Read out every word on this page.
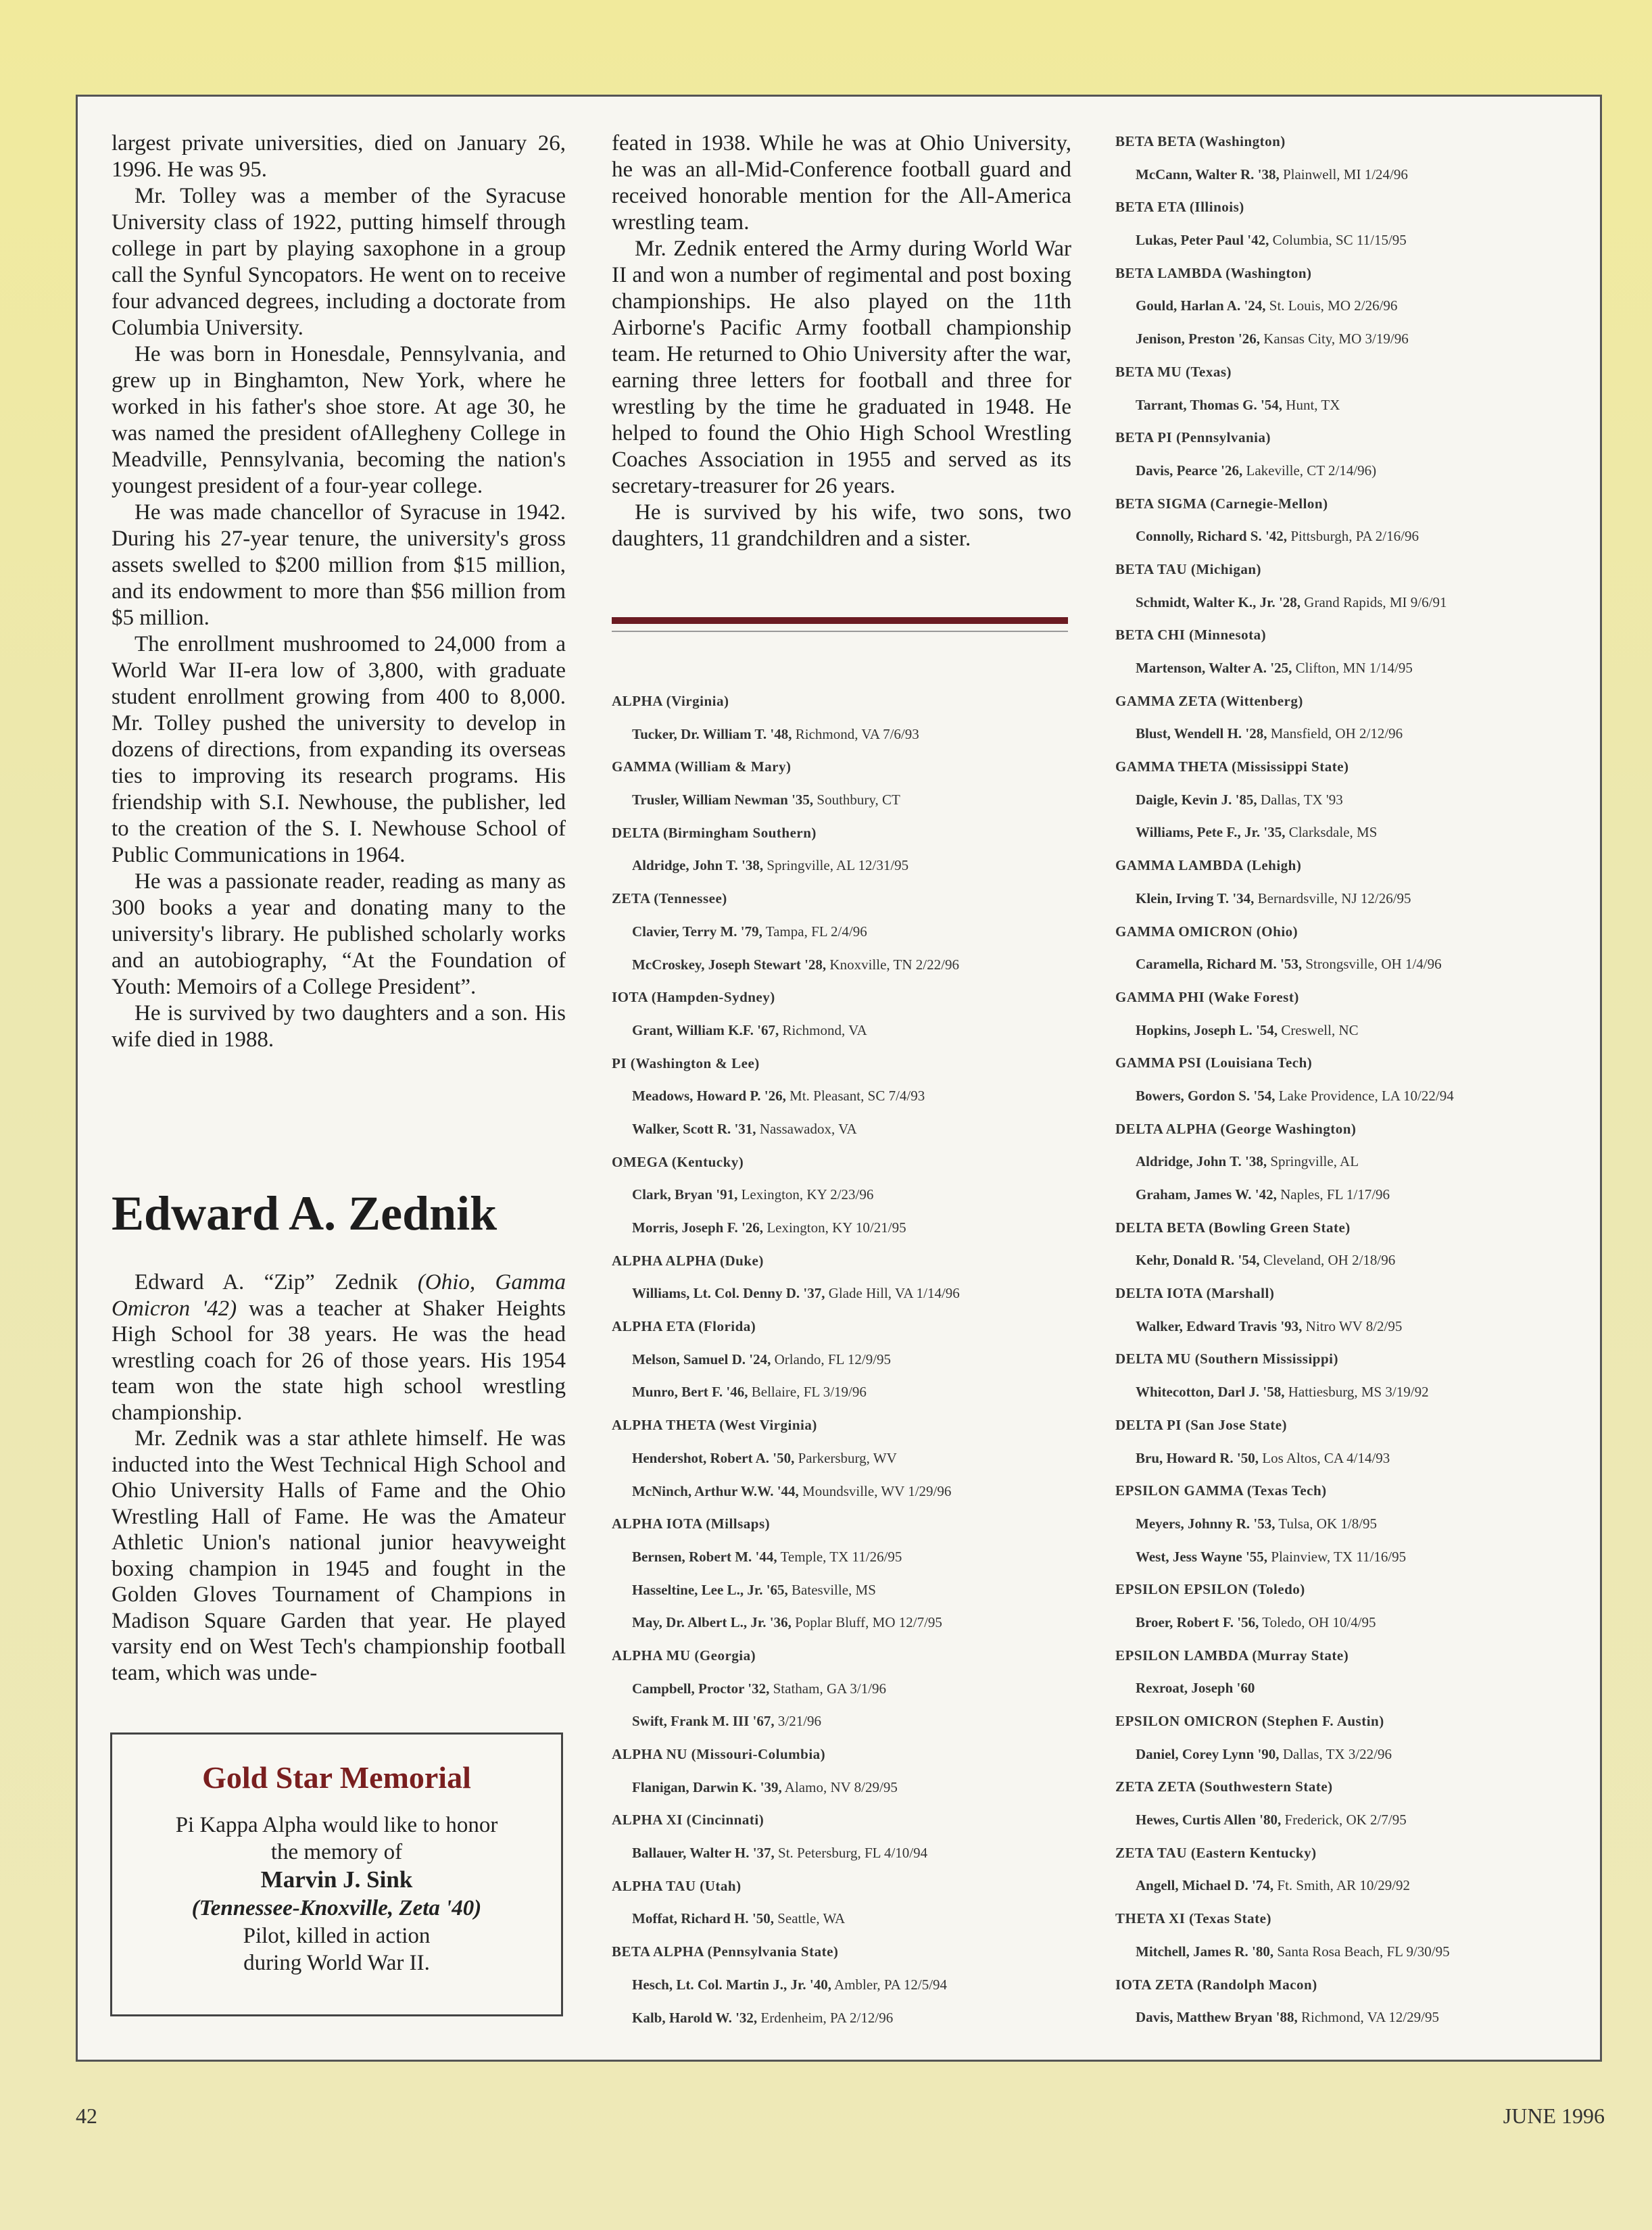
largest private universities, died on January 26, 1996. He was 95.

Mr. Tolley was a member of the Syracuse University class of 1922, putting himself through college in part by playing saxophone in a group call the Synful Syncopators. He went on to receive four advanced degrees, including a doctorate from Columbia University.

He was born in Honesdale, Pennsylvania, and grew up in Binghamton, New York, where he worked in his father's shoe store. At age 30, he was named the president ofAllegheny College in Meadville, Pennsylvania, becoming the nation's youngest president of a four-year college.

He was made chancellor of Syracuse in 1942. During his 27-year tenure, the university's gross assets swelled to $200 million from $15 million, and its endowment to more than $56 million from $5 million.

The enrollment mushroomed to 24,000 from a World War II-era low of 3,800, with graduate student enrollment growing from 400 to 8,000. Mr. Tolley pushed the university to develop in dozens of directions, from expanding its overseas ties to improving its research programs. His friendship with S.I. Newhouse, the publisher, led to the creation of the S. I. Newhouse School of Public Communications in 1964.

He was a passionate reader, reading as many as 300 books a year and donating many to the university's library. He published scholarly works and an autobiography, “At the Foundation of Youth: Memoirs of a College President”.

He is survived by two daughters and a son. His wife died in 1988.

Edward A. Zednik

Edward A. “Zip” Zednik (Ohio, Gamma Omicron '42) was a teacher at Shaker Heights High School for 38 years. He was the head wrestling coach for 26 of those years. His 1954 team won the state high school wrestling championship.

Mr. Zednik was a star athlete himself. He was inducted into the West Technical High School and Ohio University Halls of Fame and the Ohio Wrestling Hall of Fame. He was the Amateur Athletic Union's national junior heavyweight boxing champion in 1945 and fought in the Golden Gloves Tournament of Champions in Madison Square Garden that year. He played varsity end on West Tech's championship football team, which was unde-

Gold Star Memorial
Pi Kappa Alpha would like to honor
the memory of
Marvin J. Sink
(Tennessee-Knoxville, Zeta '40)
Pilot, killed in action
during World War II.

feated in 1938. While he was at Ohio University, he was an all-Mid-Conference football guard and received honorable mention for the All-America wrestling team.

Mr. Zednik entered the Army during World War II and won a number of regimental and post boxing championships. He also played on the 11th Airborne's Pacific Army football championship team. He returned to Ohio University after the war, earning three letters for football and three for wrestling by the time he graduated in 1948. He helped to found the Ohio High School Wrestling Coaches Association in 1955 and served as its secretary-treasurer for 26 years.

He is survived by his wife, two sons, two daughters, 11 grandchildren and a sister.

ALPHA (Virginia)
Tucker, Dr. William T. '48, Richmond, VA 7/6/93
GAMMA (William & Mary)
Trusler, William Newman '35, Southbury, CT
DELTA (Birmingham Southern)
Aldridge, John T. '38, Springville, AL 12/31/95
ZETA (Tennessee)
Clavier, Terry M. '79, Tampa, FL 2/4/96
McCroskey, Joseph Stewart '28, Knoxville, TN 2/22/96
IOTA (Hampden-Sydney)
Grant, William K.F. '67, Richmond, VA
PI (Washington & Lee)
Meadows, Howard P. '26, Mt. Pleasant, SC 7/4/93
Walker, Scott R. '31, Nassawadox, VA
OMEGA (Kentucky)
Clark, Bryan '91, Lexington, KY 2/23/96
Morris, Joseph F. '26, Lexington, KY 10/21/95
ALPHA ALPHA (Duke)
Williams, Lt. Col. Denny D. '37, Glade Hill, VA 1/14/96
ALPHA ETA (Florida)
Melson, Samuel D. '24, Orlando, FL 12/9/95
Munro, Bert F. '46, Bellaire, FL 3/19/96
ALPHA THETA (West Virginia)
Hendershot, Robert A. '50, Parkersburg, WV
McNinch, Arthur W.W. '44, Moundsville, WV 1/29/96
ALPHA IOTA (Millsaps)
Bernsen, Robert M. '44, Temple, TX 11/26/95
Hasseltine, Lee L., Jr. '65, Batesville, MS
May, Dr. Albert L., Jr. '36, Poplar Bluff, MO 12/7/95
ALPHA MU (Georgia)
Campbell, Proctor '32, Statham, GA 3/1/96
Swift, Frank M. III '67, 3/21/96
ALPHA NU (Missouri-Columbia)
Flanigan, Darwin K. '39, Alamo, NV 8/29/95
ALPHA XI (Cincinnati)
Ballauer, Walter H. '37, St. Petersburg, FL 4/10/94
ALPHA TAU (Utah)
Moffat, Richard H. '50, Seattle, WA
BETA ALPHA (Pennsylvania State)
Hesch, Lt. Col. Martin J., Jr. '40, Ambler, PA 12/5/94
Kalb, Harold W. '32, Erdenheim, PA 2/12/96
BETA BETA (Washington)
McCann, Walter R. '38, Plainwell, MI 1/24/96
BETA ETA (Illinois)
Lukas, Peter Paul '42, Columbia, SC 11/15/95
BETA LAMBDA (Washington)
Gould, Harlan A. '24, St. Louis, MO 2/26/96
Jenison, Preston '26, Kansas City, MO 3/19/96
BETA MU (Texas)
Tarrant, Thomas G. '54, Hunt, TX
BETA PI (Pennsylvania)
Davis, Pearce '26, Lakeville, CT 2/14/96)
BETA SIGMA (Carnegie-Mellon)
Connolly, Richard S. '42, Pittsburgh, PA 2/16/96
BETA TAU (Michigan)
Schmidt, Walter K., Jr. '28, Grand Rapids, MI 9/6/91
BETA CHI (Minnesota)
Martenson, Walter A. '25, Clifton, MN 1/14/95
GAMMA ZETA (Wittenberg)
Blust, Wendell H. '28, Mansfield, OH 2/12/96
GAMMA THETA (Mississippi State)
Daigle, Kevin J. '85, Dallas, TX '93
Williams, Pete F., Jr. '35, Clarksdale, MS
GAMMA LAMBDA (Lehigh)
Klein, Irving T. '34, Bernardsville, NJ 12/26/95
GAMMA OMICRON (Ohio)
Caramella, Richard M. '53, Strongsville, OH 1/4/96
GAMMA PHI (Wake Forest)
Hopkins, Joseph L. '54, Creswell, NC
GAMMA PSI (Louisiana Tech)
Bowers, Gordon S. '54, Lake Providence, LA 10/22/94
DELTA ALPHA (George Washington)
Aldridge, John T. '38, Springville, AL
Graham, James W. '42, Naples, FL 1/17/96
DELTA BETA (Bowling Green State)
Kehr, Donald R. '54, Cleveland, OH 2/18/96
DELTA IOTA (Marshall)
Walker, Edward Travis '93, Nitro WV 8/2/95
DELTA MU (Southern Mississippi)
Whitecotton, Darl J. '58, Hattiesburg, MS 3/19/92
DELTA PI (San Jose State)
Bru, Howard R. '50, Los Altos, CA 4/14/93
EPSILON GAMMA (Texas Tech)
Meyers, Johnny R. '53, Tulsa, OK 1/8/95
West, Jess Wayne '55, Plainview, TX 11/16/95
EPSILON EPSILON (Toledo)
Broer, Robert F. '56, Toledo, OH 10/4/95
EPSILON LAMBDA (Murray State)
Rexroat, Joseph '60
EPSILON OMICRON (Stephen F. Austin)
Daniel, Corey Lynn '90, Dallas, TX 3/22/96
ZETA ZETA (Southwestern State)
Hewes, Curtis Allen '80, Frederick, OK 2/7/95
ZETA TAU (Eastern Kentucky)
Angell, Michael D. '74, Ft. Smith, AR 10/29/92
THETA XI (Texas State)
Mitchell, James R. '80, Santa Rosa Beach, FL 9/30/95
IOTA ZETA (Randolph Macon)
Davis, Matthew Bryan '88, Richmond, VA 12/29/95
42	JUNE 1996
